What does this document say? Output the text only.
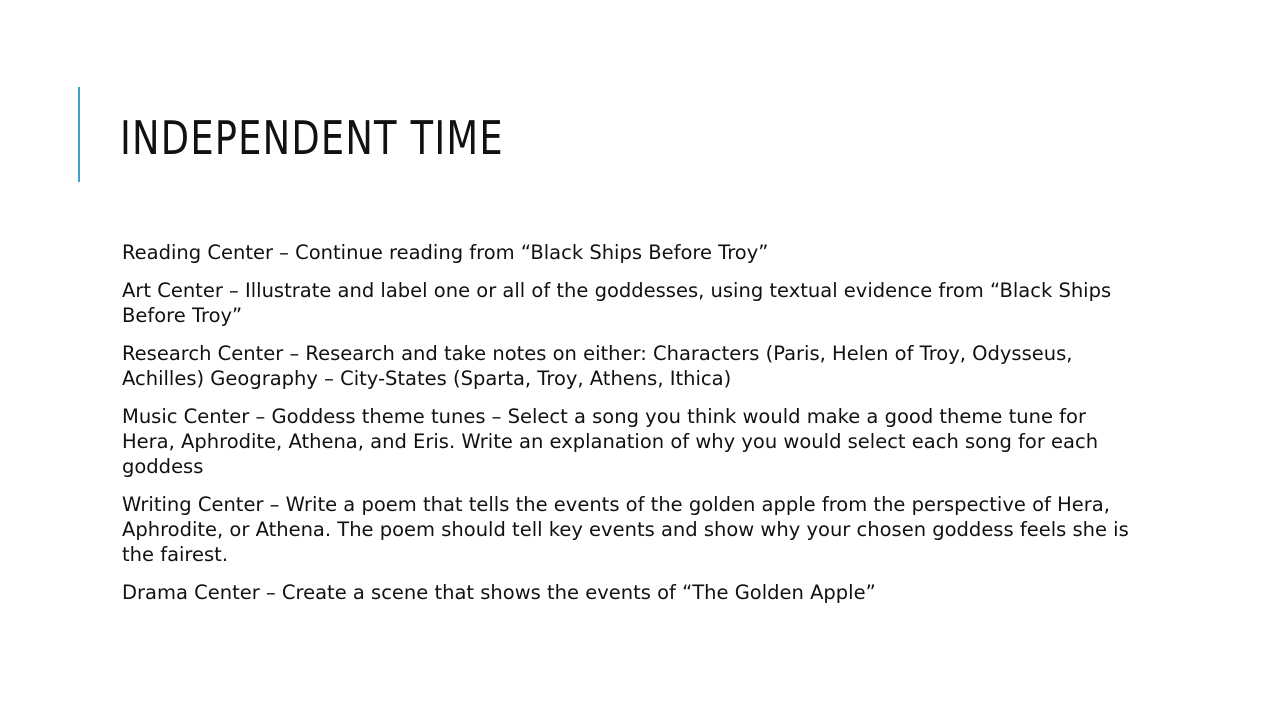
INDEPENDENT TIME

Reading Center – Continue reading from “Black Ships Before Troy”

Art Center – Illustrate and label one or all of the goddesses, using textual evidence from “Black Ships Before Troy”

Research Center – Research and take notes on either: Characters (Paris, Helen of Troy, Odysseus, Achilles) Geography – City-States (Sparta, Troy, Athens, Ithica)

Music Center – Goddess theme tunes – Select a song you think would make a good theme tune for Hera, Aphrodite, Athena, and Eris. Write an explanation of why you would select each song for each goddess

Writing Center – Write a poem that tells the events of the golden apple from the perspective of Hera, Aphrodite, or Athena. The poem should tell key events and show why your chosen goddess feels she is the fairest.

Drama Center – Create a scene that shows the events of “The Golden Apple”
